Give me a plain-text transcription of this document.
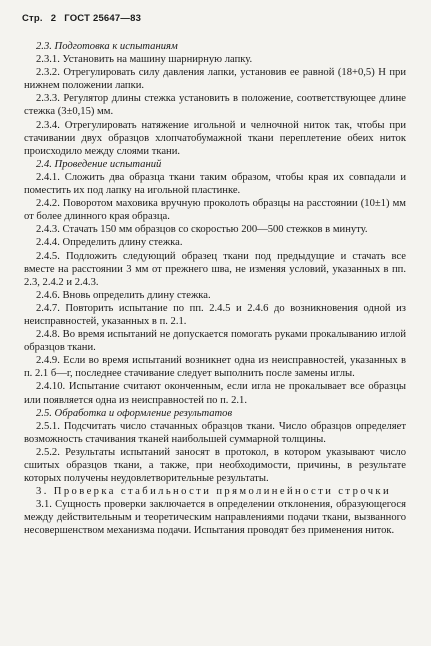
Стр. 2 ГОСТ 25647—83

2.3. Подготовка к испытаниям

2.3.1. Установить на машину шарнирную лапку.

2.3.2. Отрегулировать силу давления лапки, установив ее равной (18+0,5) Н при нижнем положении лапки.

2.3.3. Регулятор длины стежка установить в положение, соответствующее длине стежка (3±0,15) мм.

2.3.4. Отрегулировать натяжение игольной и челночной ниток так, чтобы при стачивании двух образцов хлопчатобумажной ткани переплетение обеих ниток происходило между слоями ткани.

2.4. Проведение испытаний

2.4.1. Сложить два образца ткани таким образом, чтобы края их совпадали и поместить их под лапку на игольной пластинке.

2.4.2. Поворотом маховика вручную проколоть образцы на расстоянии (10±1) мм от более длинного края образца.

2.4.3. Стачать 150 мм образцов со скоростью 200—500 стежков в минуту.

2.4.4. Определить длину стежка.

2.4.5. Подложить следующий образец ткани под предыдущие и стачать все вместе на расстоянии 3 мм от прежнего шва, не изменяя условий, указанных в пп. 2.3, 2.4.2 и 2.4.3.

2.4.6. Вновь определить длину стежка.

2.4.7. Повторить испытание по пп. 2.4.5 и 2.4.6 до возникновения одной из неисправностей, указанных в п. 2.1.

2.4.8. Во время испытаний не допускается помогать руками прокалыванию иглой образцов ткани.

2.4.9. Если во время испытаний возникнет одна из неисправностей, указанных в п. 2.1 б—г, последнее стачивание следует выполнить после замены иглы.

2.4.10. Испытание считают оконченным, если игла не прокалывает все образцы или появляется одна из неисправностей по п. 2.1.

2.5. Обработка и оформление результатов

2.5.1. Подсчитать число стачанных образцов ткани. Число образцов определяет возможность стачивания тканей наибольшей суммарной толщины.

2.5.2. Результаты испытаний заносят в протокол, в котором указывают число сшитых образцов ткани, а также, при необходимости, причины, в результате которых получены неудовлетворительные результаты.

3. Проверка стабильности прямолинейности строчки

3.1. Сущность проверки заключается в определении отклонения, образующегося между действительным и теоретическим направлениями подачи ткани, вызванного несовершенством механизма подачи. Испытания проводят без применения ниток.
